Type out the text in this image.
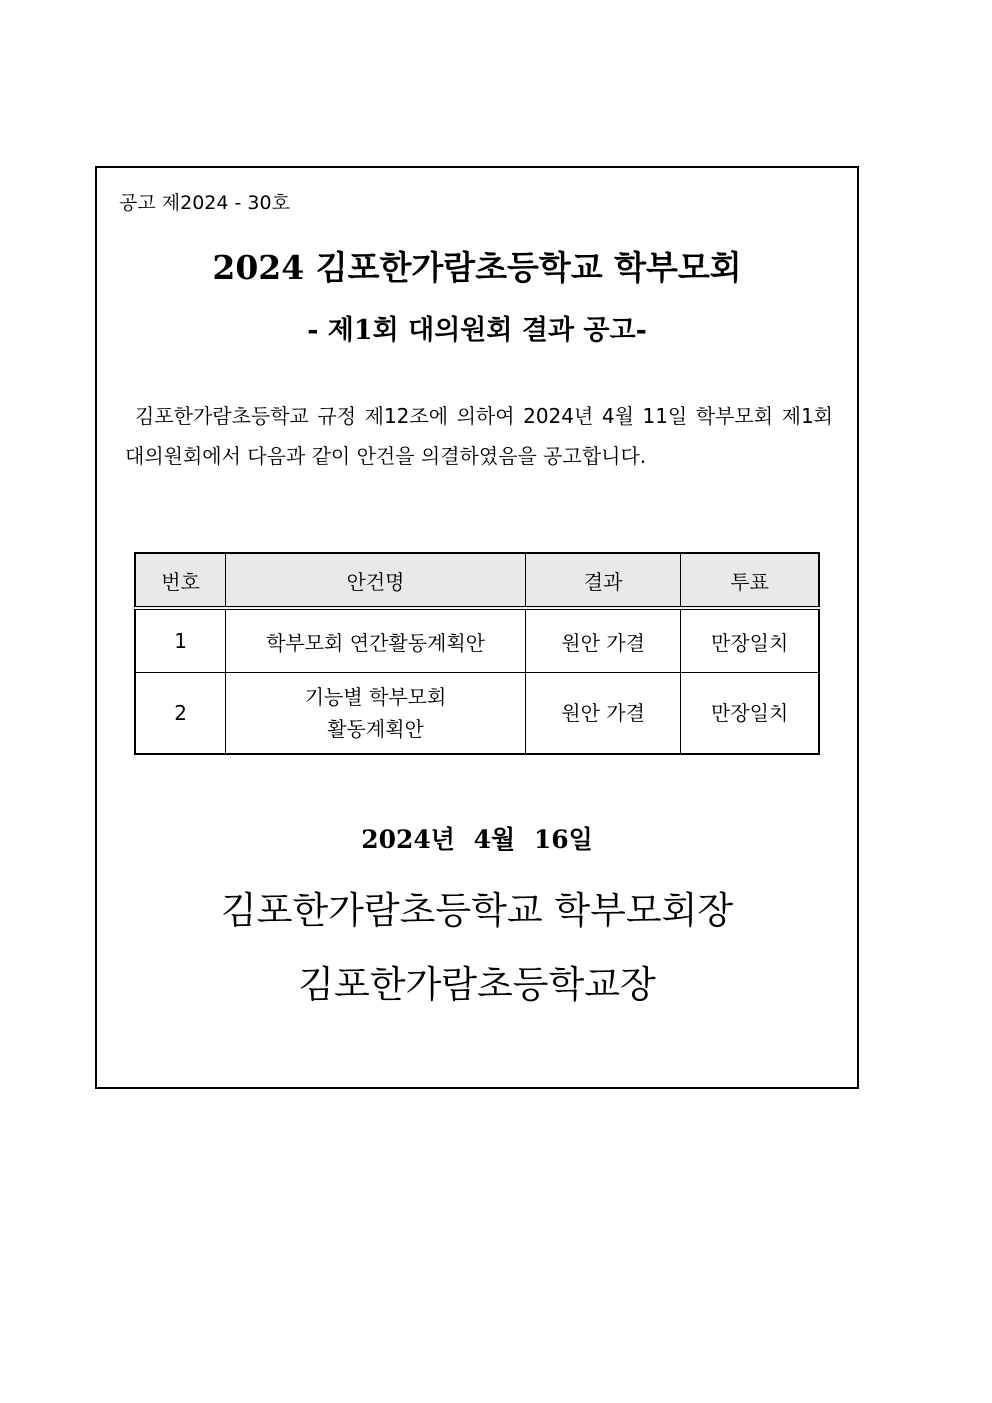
공고 제2024 - 30호
2024 김포한가람초등학교 학부모회
- 제1회 대의원회 결과 공고-

김포한가람초등학교 규정 제12조에 의하여 2024년 4월 11일 학부모회 제1회 대의원회에서 다음과 같이 안건을 의결하였음을 공고합니다.

번호	안건명	결과	투표
1	학부모회 연간활동계획안	원안 가결	만장일치
2	기능별 학부모회
활동계획안	원안 가결	만장일치
2024년 4월 16일
김포한가람초등학교 학부모회장
김포한가람초등학교장
